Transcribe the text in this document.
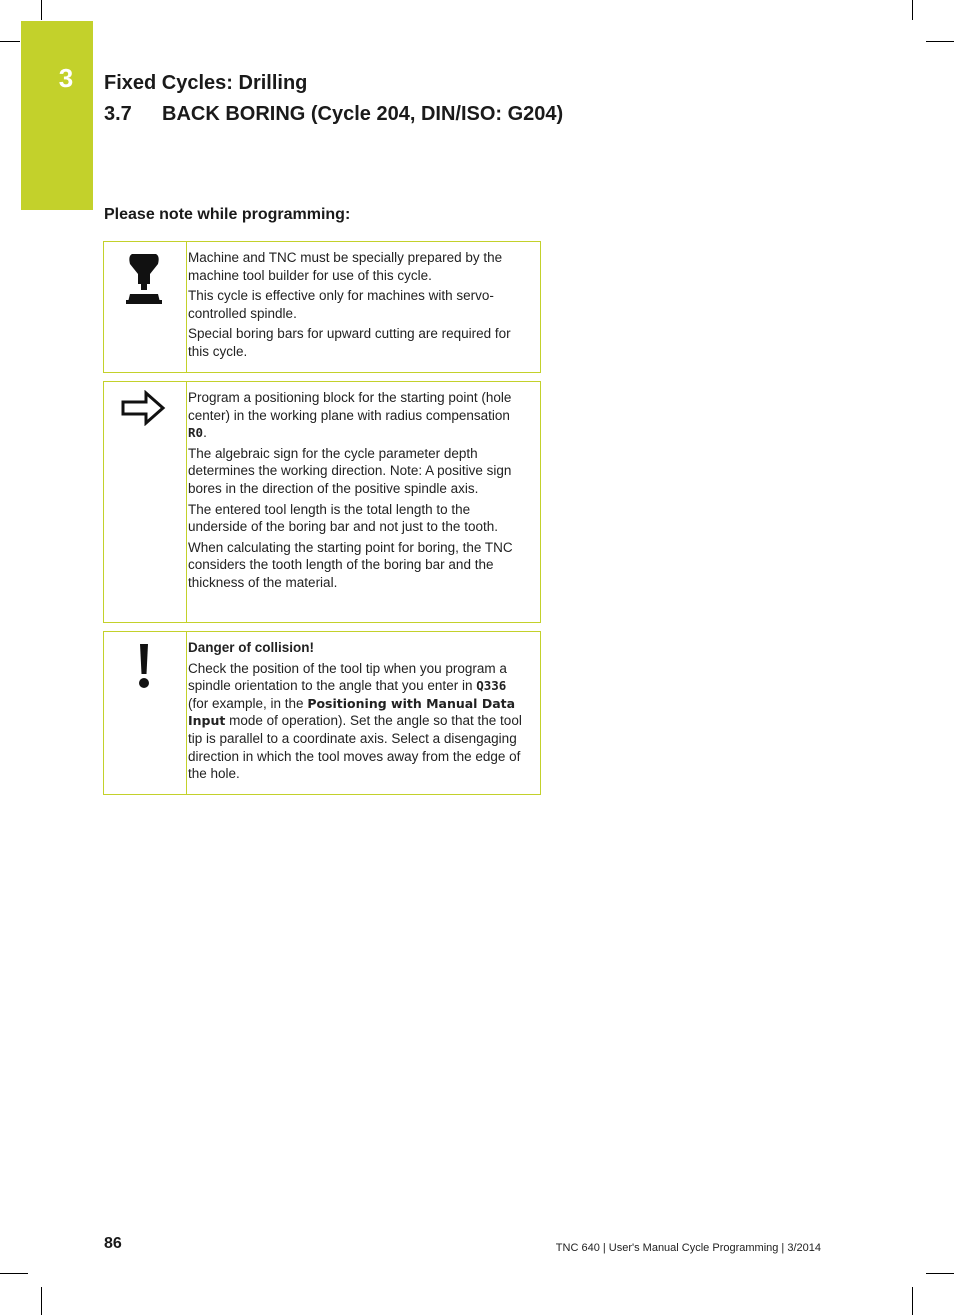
3	Fixed Cycles: Drilling
3.7	BACK BORING (Cycle 204, DIN/ISO: G204)
Please note while programming:

Machine and TNC must be specially prepared by the machine tool builder for use of this cycle.

This cycle is effective only for machines with servo-controlled spindle.

Special boring bars for upward cutting are required for this cycle.

Program a positioning block for the starting point (hole center) in the working plane with radius compensation R0.

The algebraic sign for the cycle parameter depth determines the working direction. Note: A positive sign bores in the direction of the positive spindle axis.

The entered tool length is the total length to the underside of the boring bar and not just to the tooth.

When calculating the starting point for boring, the TNC considers the tooth length of the boring bar and the thickness of the material.

Danger of collision!

Check the position of the tool tip when you program a spindle orientation to the angle that you enter in Q336 (for example, in the Positioning with Manual Data Input mode of operation). Set the angle so that the tool tip is parallel to a coordinate axis. Select a disengaging direction in which the tool moves away from the edge of the hole.

86	TNC 640 | User's Manual Cycle Programming | 3/2014
